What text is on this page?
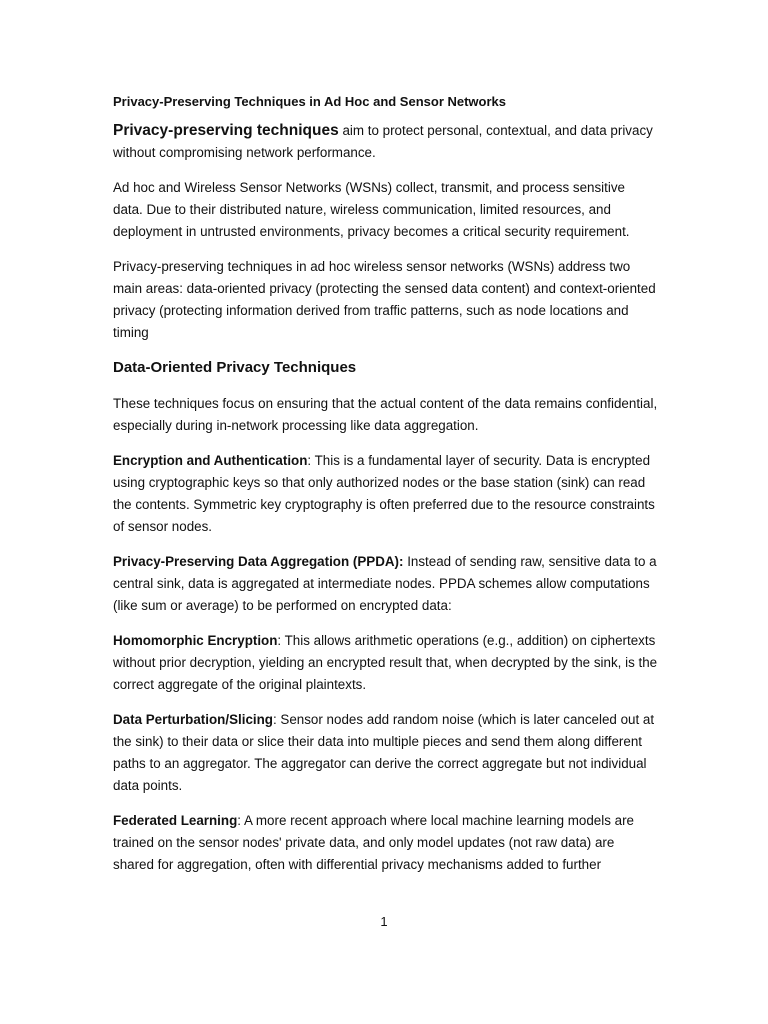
Privacy-Preserving Techniques in Ad Hoc and Sensor Networks

Privacy-preserving techniques aim to protect personal, contextual, and data privacy without compromising network performance.

Ad hoc and Wireless Sensor Networks (WSNs) collect, transmit, and process sensitive data. Due to their distributed nature, wireless communication, limited resources, and deployment in untrusted environments, privacy becomes a critical security requirement.

Privacy-preserving techniques in ad hoc wireless sensor networks (WSNs) address two main areas: data-oriented privacy (protecting the sensed data content) and context-oriented privacy (protecting information derived from traffic patterns, such as node locations and timing

Data-Oriented Privacy Techniques

These techniques focus on ensuring that the actual content of the data remains confidential, especially during in-network processing like data aggregation.

Encryption and Authentication: This is a fundamental layer of security. Data is encrypted using cryptographic keys so that only authorized nodes or the base station (sink) can read the contents. Symmetric key cryptography is often preferred due to the resource constraints of sensor nodes.

Privacy-Preserving Data Aggregation (PPDA): Instead of sending raw, sensitive data to a central sink, data is aggregated at intermediate nodes. PPDA schemes allow computations (like sum or average) to be performed on encrypted data:

Homomorphic Encryption: This allows arithmetic operations (e.g., addition) on ciphertexts without prior decryption, yielding an encrypted result that, when decrypted by the sink, is the correct aggregate of the original plaintexts.

Data Perturbation/Slicing: Sensor nodes add random noise (which is later canceled out at the sink) to their data or slice their data into multiple pieces and send them along different paths to an aggregator. The aggregator can derive the correct aggregate but not individual data points.

Federated Learning: A more recent approach where local machine learning models are trained on the sensor nodes' private data, and only model updates (not raw data) are shared for aggregation, often with differential privacy mechanisms added to further

1
